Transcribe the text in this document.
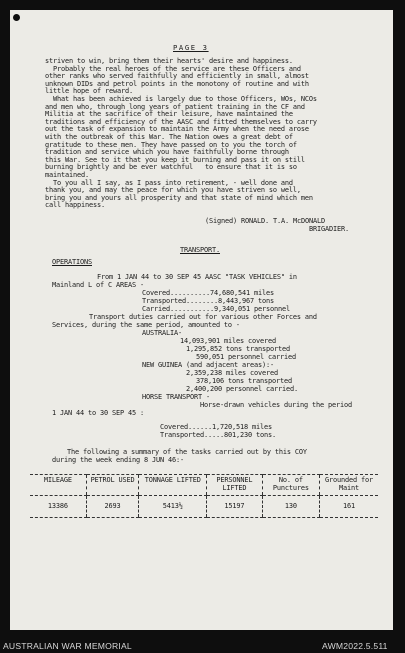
PAGE 3
striven to win, bring them their hearts' desire and happiness.
Probably the real heroes of the service are these Officers and
other ranks who served faithfully and efficiently in small, almost
unknown DIDs and petrol points in the monotony of routine and with
little hope of reward.
What has been achieved is largely due to those Officers, WOs, NCOs
and men who, through long years of patient training in the CF and
Militia at the sacrifice of their leisure, have maintained the
traditions and efficiency of the AASC and fitted themselves to carry
out the task of expansion to maintain the Army when the need arose
with the outbreak of this War. The Nation owes a great debt of
gratitude to these men. They have passed on to you the torch of
tradition and service which you have faithfully borne through
this War. See to it that you keep it burning and pass it on still
burning brightly and be ever watchful   to ensure that it is so
maintained.
To you all I say, as I pass into retirement, - well done and
thank you, and may the peace for which you have striven so well,
bring you and yours all prosperity and that state of mind which men
call happiness.
(Signed) RONALD. T.A. McDONALD
BRIGADIER.
TRANSPORT.
OPERATIONS
From 1 JAN 44 to 30 SEP 45 AASC "TASK VEHICLES" in
Mainland L of C AREAS -
Covered..........74,680,541 miles
Transported........8,443,967 tons
Carried...........9,340,051 personnel
Transport duties carried out for various other Forces and
Services, during the same period, amounted to -
AUSTRALIA-
14,093,901 miles covered
1,295,852 tons transported
590,051 personnel carried
NEW GUINEA (and adjacent areas):-
2,359,238 miles covered
378,106 tons transported
2,400,200 personnel carried.
HORSE TRANSPORT -
Horse-drawn vehicles during the period
1 JAN 44 to 30 SEP 45 :
Covered......1,720,518 miles
Transported.....801,230 tons.
The following a summary of the tasks carried out by this COY
during the week ending 8 JUN 46:-
MILEAGE	PETROL USED	TONNAGE LIFTED	PERSONNEL LIFTED	No. of Punctures	Grounded for Maint
13386	2693	5413½	15197	130	161
AUSTRALIAN WAR MEMORIAL	AWM2022.5.511
